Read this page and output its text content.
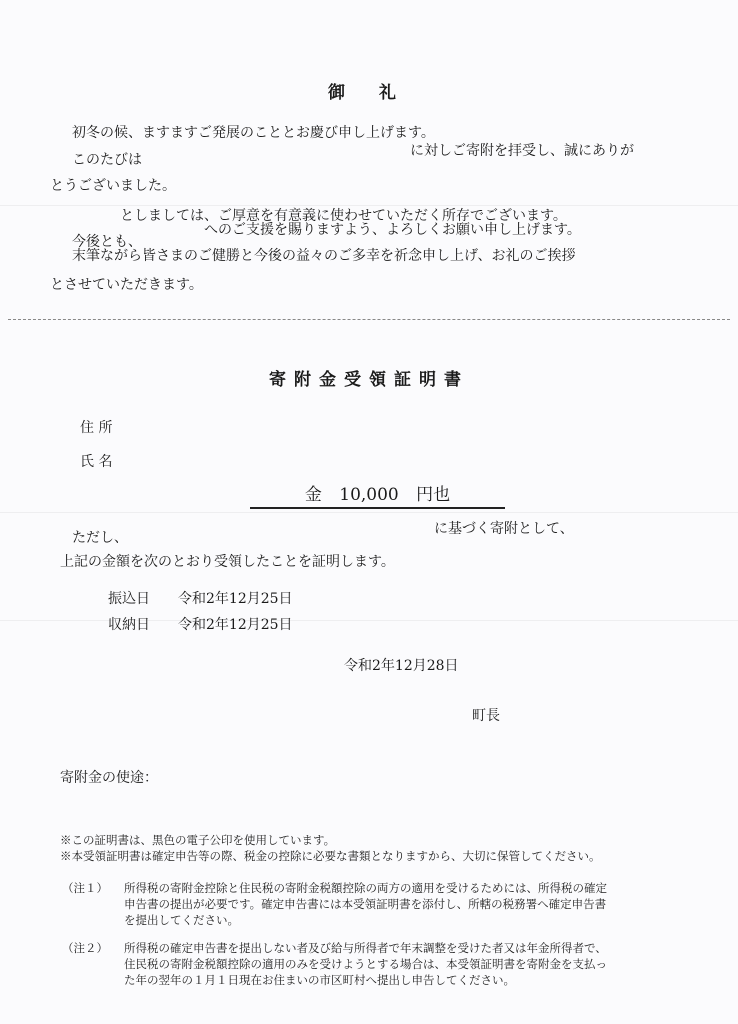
御 礼
初冬の候、ますますご発展のこととお慶び申し上げます。
このたびは
に対しご寄附を拝受し、誠にありが
とうございました。
としましては、ご厚意を有意義に使わせていただく所存でございます。
今後とも、
へのご支援を賜りますよう、よろしくお願い申し上げます。
末筆ながら皆さまのご健勝と今後の益々のご多幸を祈念申し上げ、お礼のご挨拶
とさせていただきます。
寄附金受領証明書
住 所
氏 名
金 10,000 円也
ただし、
に基づく寄附として、
上記の金額を次のとおり受領したことを証明します。
振込日 令和2年12月25日
収納日 令和2年12月25日
令和2年12月28日
町長
寄附金の使途：
※この証明書は、黒色の電子公印を使用しています。
※本受領証明書は確定申告等の際、税金の控除に必要な書類となりますから、大切に保管してください。
（注１） 所得税の寄附金控除と住民税の寄附金税額控除の両方の適用を受けるためには、所得税の確定
申告書の提出が必要です。確定申告書には本受領証明書を添付し、所轄の税務署へ確定申告書
を提出してください。
（注２） 所得税の確定申告書を提出しない者及び給与所得者で年末調整を受けた者又は年金所得者で、
住民税の寄附金税額控除の適用のみを受けようとする場合は、本受領証明書を寄附金を支払っ
た年の翌年の１月１日現在お住まいの市区町村へ提出し申告してください。
